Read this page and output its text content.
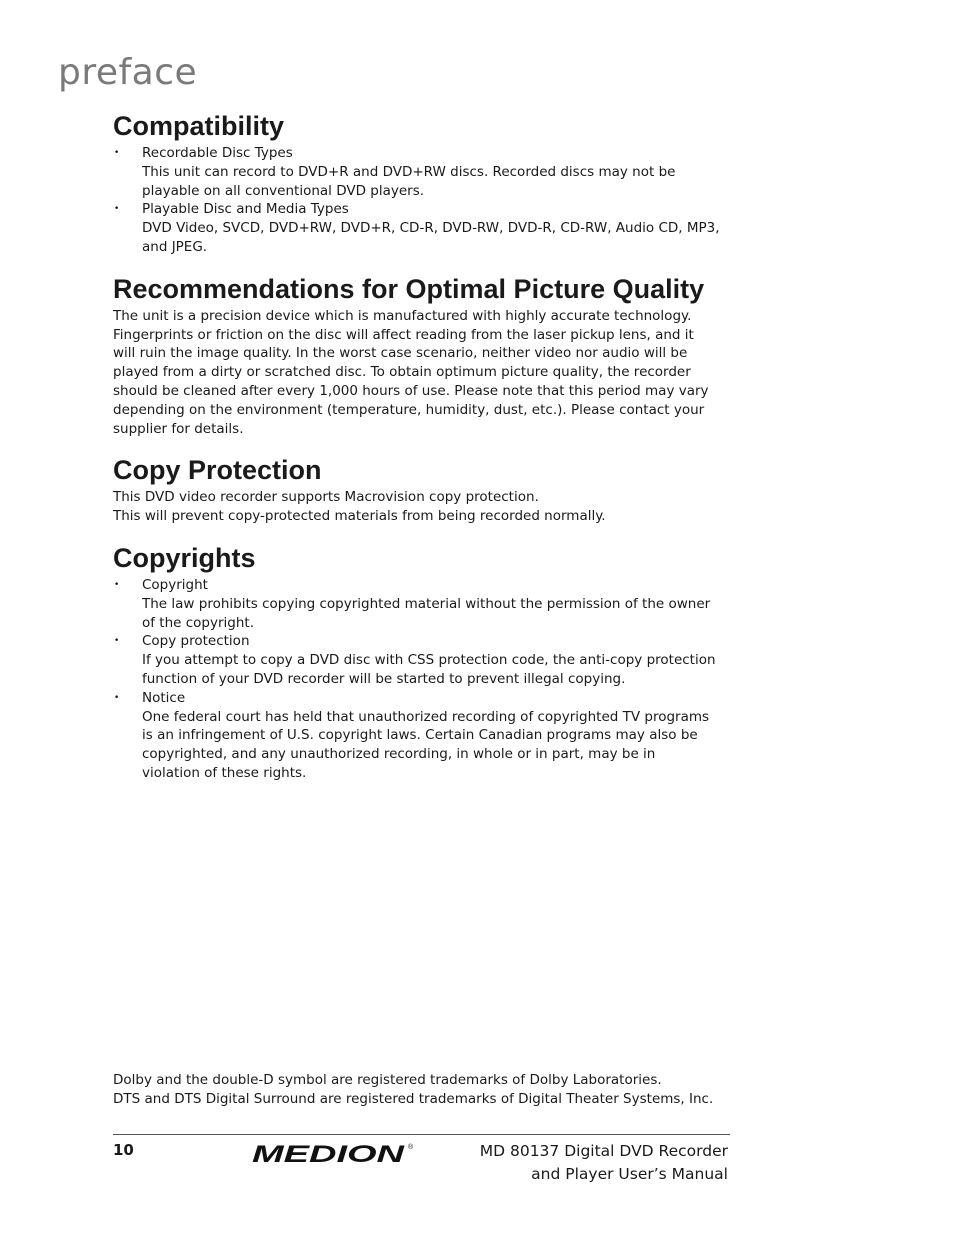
preface
Compatibility
• Recordable Disc Types
This unit can record to DVD+R and DVD+RW discs. Recorded discs may not be
playable on all conventional DVD players.
• Playable Disc and Media Types
DVD Video, SVCD, DVD+RW, DVD+R, CD-R, DVD-RW, DVD-R, CD-RW, Audio CD, MP3,
and JPEG.
Recommendations for Optimal Picture Quality

The unit is a precision device which is manufactured with highly accurate technology.

Fingerprints or friction on the disc will affect reading from the laser pickup lens, and it

will ruin the image quality. In the worst case scenario, neither video nor audio will be

played from a dirty or scratched disc. To obtain optimum picture quality, the recorder

should be cleaned after every 1,000 hours of use. Please note that this period may vary

depending on the environment (temperature, humidity, dust, etc.). Please contact your

supplier for details.

Copy Protection

This DVD video recorder supports Macrovision copy protection.

This will prevent copy-protected materials from being recorded normally.

Copyrights
• Copyright
The law prohibits copying copyrighted material without the permission of the owner
of the copyright.
• Copy protection
If you attempt to copy a DVD disc with CSS protection code, the anti-copy protection
function of your DVD recorder will be started to prevent illegal copying.
• Notice
One federal court has held that unauthorized recording of copyrighted TV programs
is an infringement of U.S. copyright laws. Certain Canadian programs may also be
copyrighted, and any unauthorized recording, in whole or in part, may be in
violation of these rights.

Dolby and the double-D symbol are registered trademarks of Dolby Laboratories.

DTS and DTS Digital Surround are registered trademarks of Digital Theater Systems, Inc.

10	MEDION ®	MD 80137 Digital DVD Recorder
and Player User’s Manual
